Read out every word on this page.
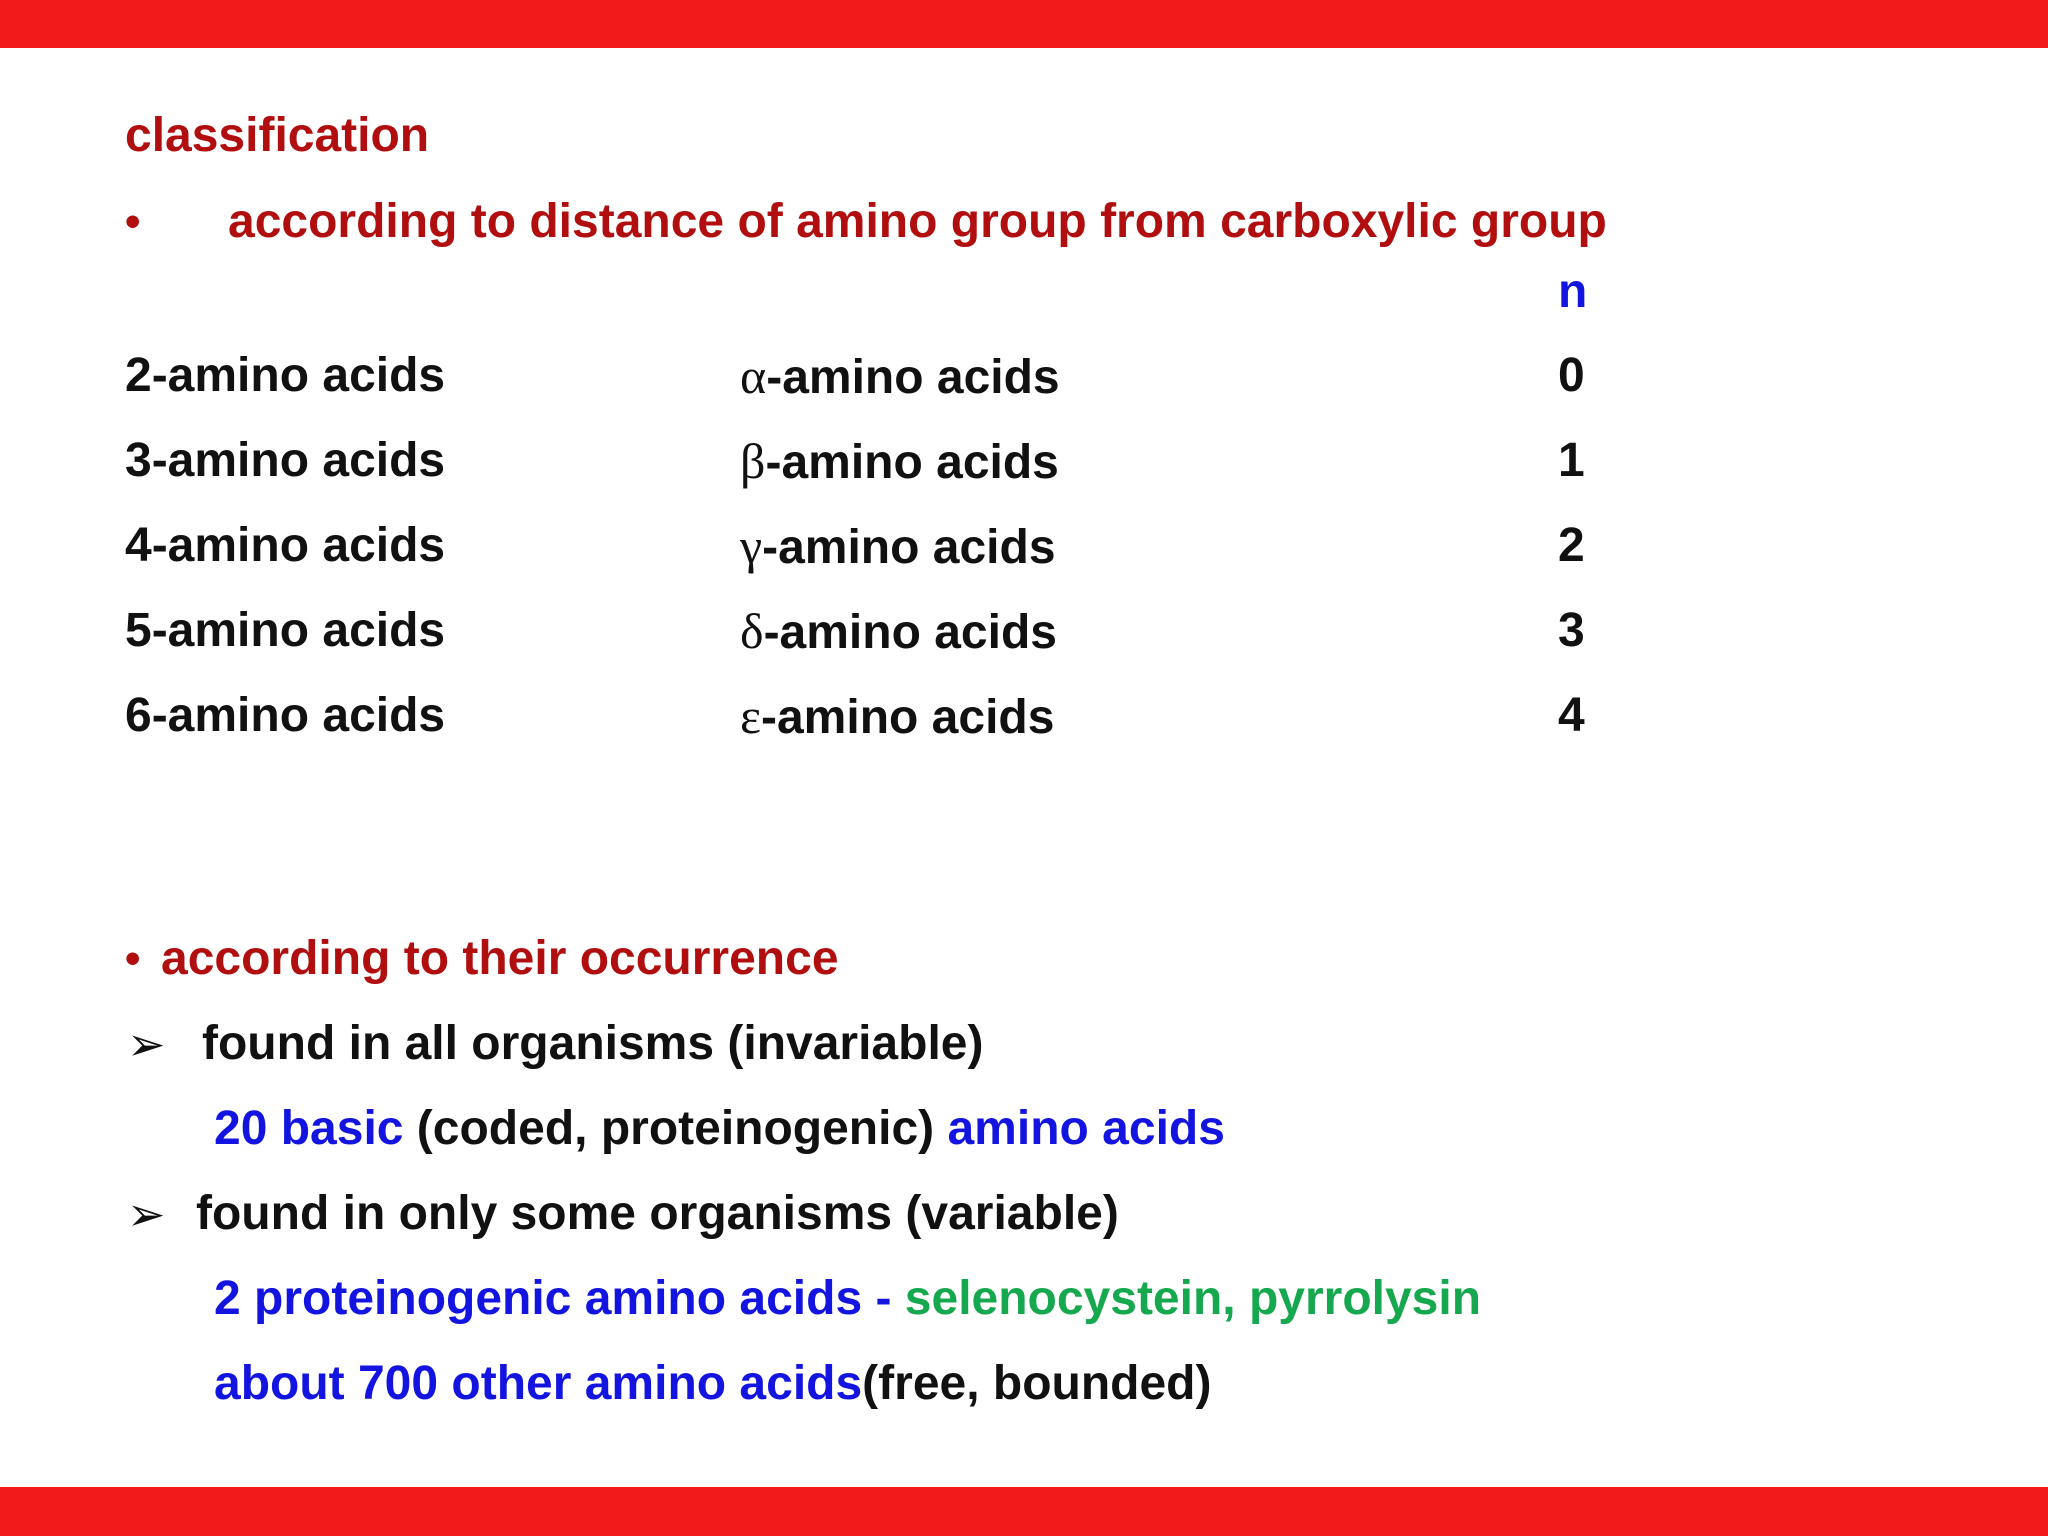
classification
• according to distance of amino group from carboxylic group
n
2-amino acids	α-amino acids	0
3-amino acids	β-amino acids	1
4-amino acids	γ-amino acids	2
5-amino acids	δ-amino acids	3
6-amino acids	ε-amino acids	4
• according to their occurrence
➢ found in all organisms (invariable)
20 basic (coded, proteinogenic) amino acids
➢ found in only some organisms (variable)
2 proteinogenic amino acids - selenocystein, pyrrolysin
about 700 other amino acids(free, bounded)
